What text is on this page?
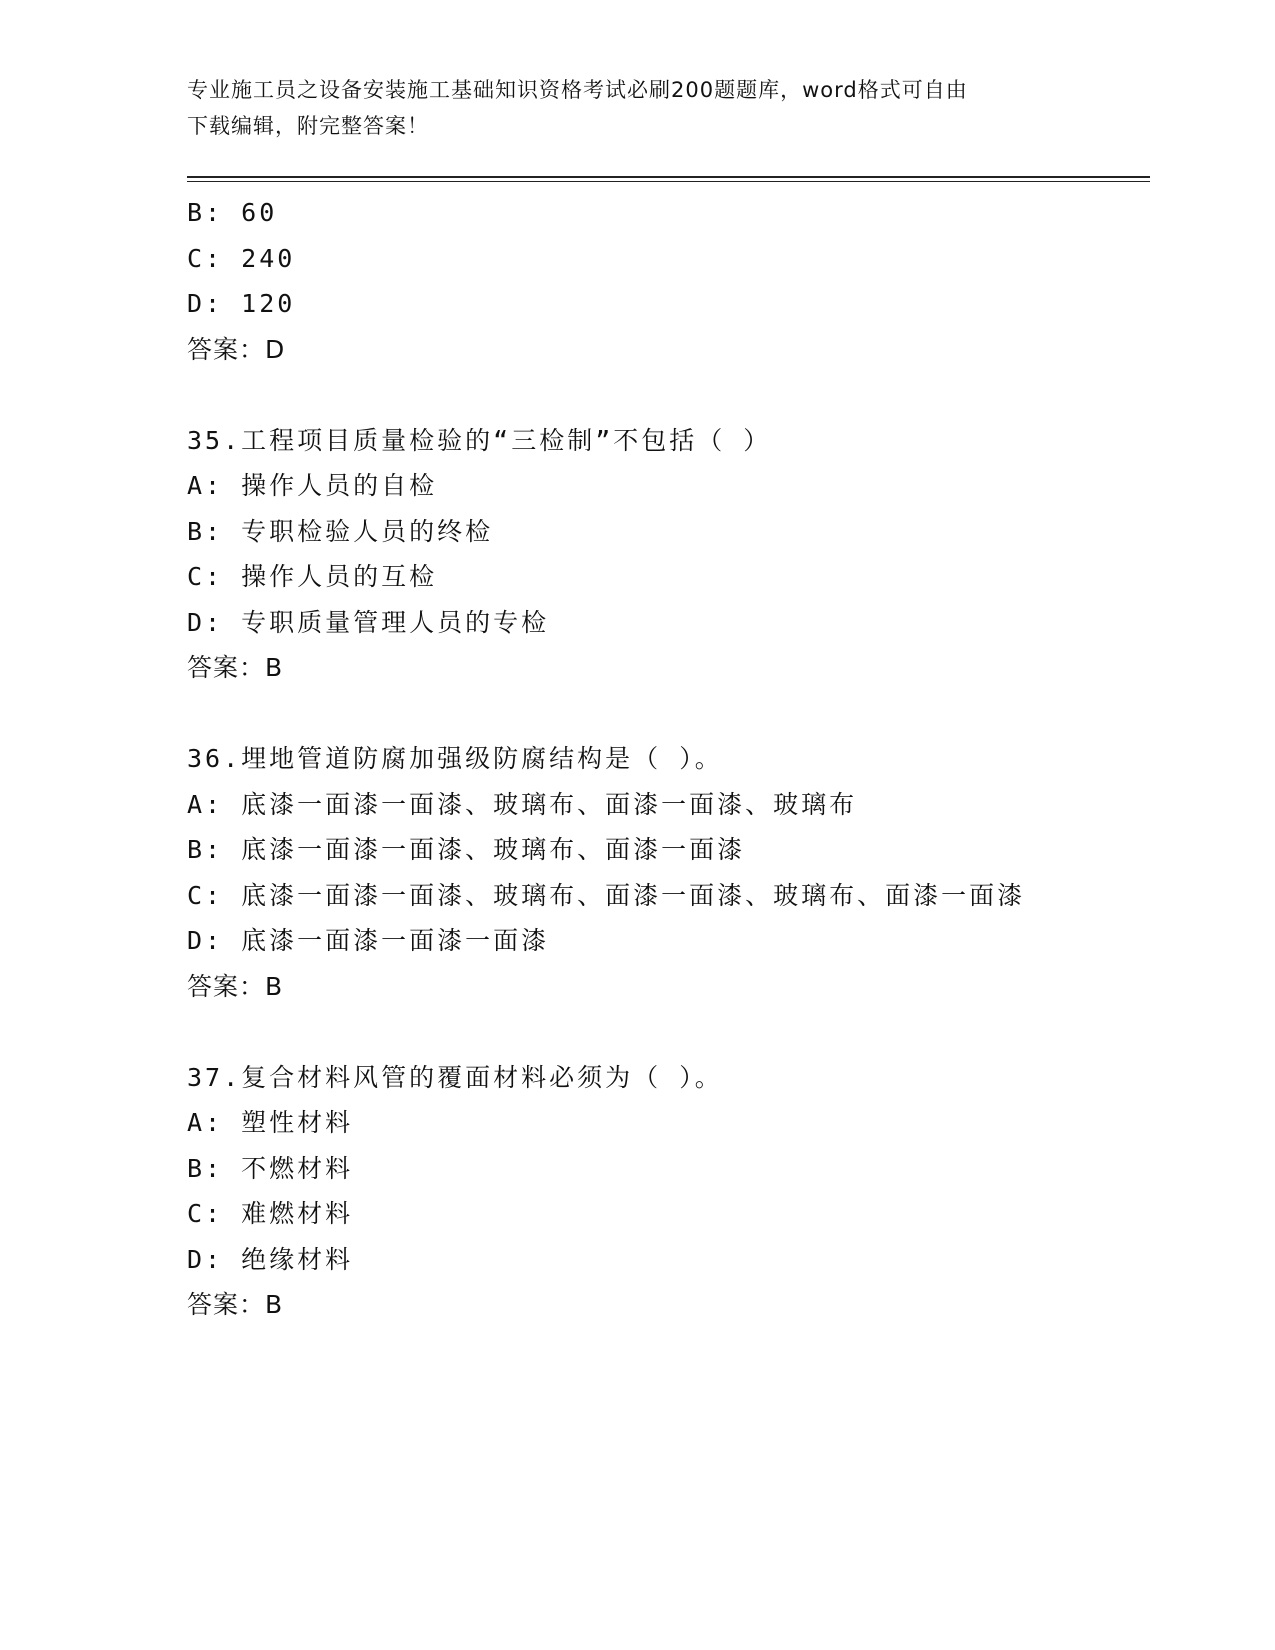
专业施工员之设备安装施工基础知识资格考试必刷200题题库，word格式可自由
下载编辑，附完整答案！
B: 60
C: 240
D: 120
答案：D
35.工程项目质量检验的“三检制”不包括（ ）
A: 操作人员的自检
B: 专职检验人员的终检
C: 操作人员的互检
D: 专职质量管理人员的专检
答案：B
36.埋地管道防腐加强级防腐结构是（ ）。
A: 底漆一面漆一面漆、玻璃布、面漆一面漆、玻璃布
B: 底漆一面漆一面漆、玻璃布、面漆一面漆
C: 底漆一面漆一面漆、玻璃布、面漆一面漆、玻璃布、面漆一面漆
D: 底漆一面漆一面漆一面漆
答案：B
37.复合材料风管的覆面材料必须为（ ）。
A: 塑性材料
B: 不燃材料
C: 难燃材料
D: 绝缘材料
答案：B
